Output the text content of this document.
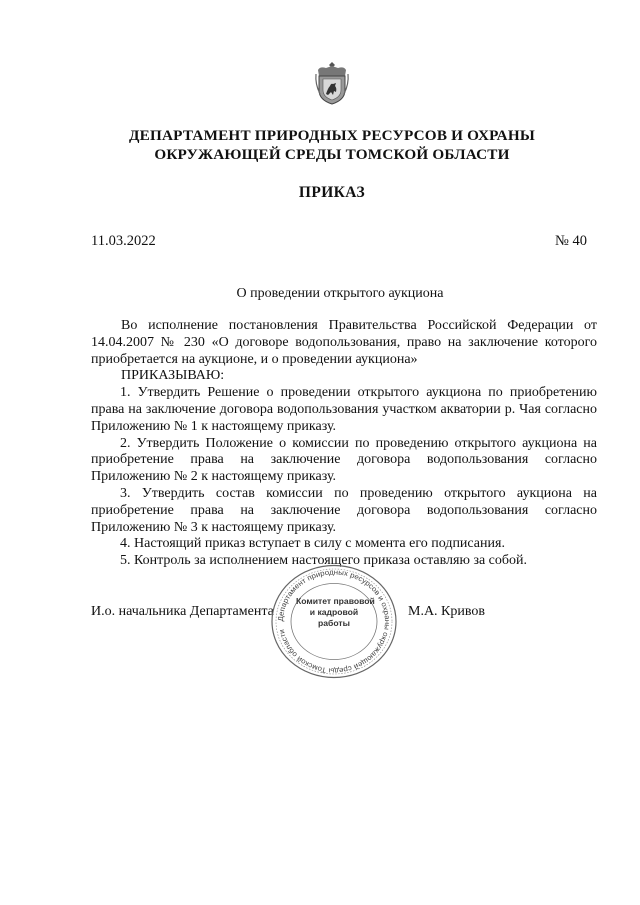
ДЕПАРТАМЕНТ ПРИРОДНЫХ РЕСУРСОВ И ОХРАНЫ
ОКРУЖАЮЩЕЙ СРЕДЫ ТОМСКОЙ ОБЛАСТИ
ПРИКАЗ
11.03.2022	№ 40
О проведении открытого аукциона

Во исполнение постановления Правительства Российской Федерации от 14.04.2007 № 230 «О договоре водопользования, право на заключение которого приобретается на аукционе, и о проведении аукциона»

ПРИКАЗЫВАЮ:

1. Утвердить Решение о проведении открытого аукциона по приобретению права на заключение договора водопользования участком акватории р. Чая согласно Приложению № 1 к настоящему приказу.

2. Утвердить Положение о комиссии по проведению открытого аукциона на приобретение права на заключение договора водопользования согласно Приложению № 2 к настоящему приказу.

3. Утвердить состав комиссии по проведению открытого аукциона на приобретение права на заключение договора водопользования согласно Приложению № 3 к настоящему приказу.

4. Настоящий приказ вступает в силу с момента его подписания.

5. Контроль за исполнением настоящего приказа оставляю за собой.

И.о. начальника Департамента Департамент природных ресурсов и охраны окружающей среды Томской области
Комитет правовой
и кадровой
работы
М.А. Кривов
